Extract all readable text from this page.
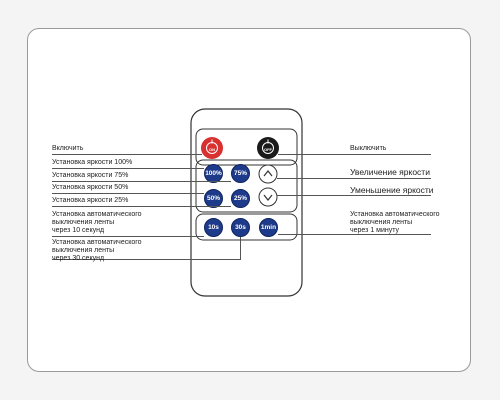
ON	OFF
100%	75%
50%	25%
10s	30s	1min
Включить
Установка яркости 100%
Установка яркости 75%
Установка яркости 50%
Установка яркости 25%
Установка автоматического
выключения ленты
через 10 секунд
Установка автоматического
выключения ленты
через 30 секунд
Выключить
Увеличение яркости
Уменьшение яркости
Установка автоматического
выключения ленты
через 1 минуту
